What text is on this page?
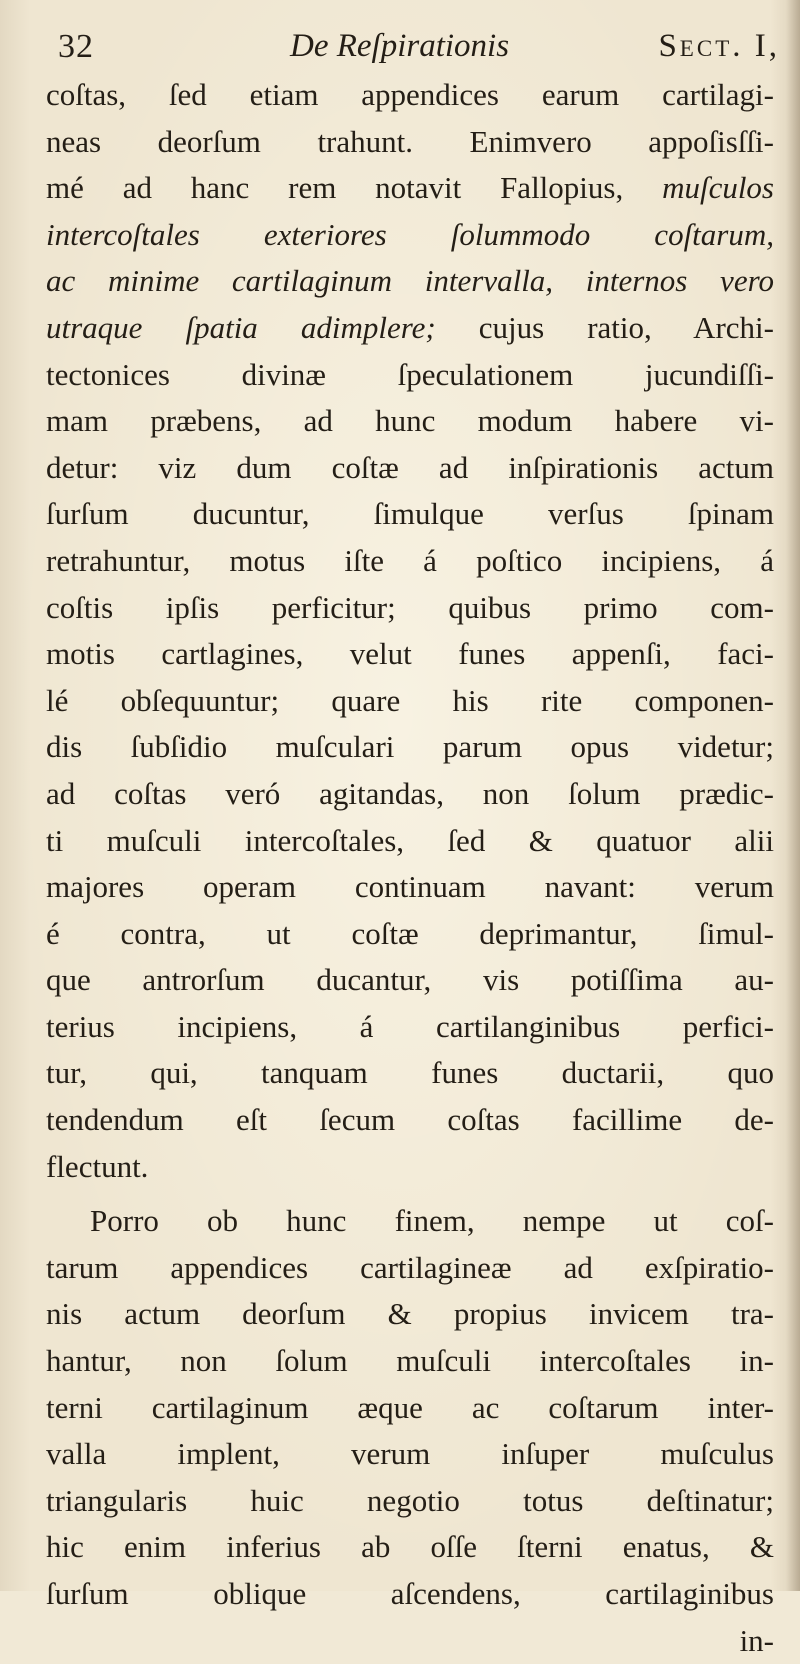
32	De Reſpirationis	Sect. I,
coſtas, ſed etiam appendices earum cartilagi-
neas deorſum trahunt. Enimvero appoſisſſi-
mé ad hanc rem notavit Fallopius, muſculos
intercoſtales exteriores ſolummodo coſtarum,
ac minime cartilaginum intervalla, internos vero
utraque ſpatia adimplere; cujus ratio, Archi-
tectonices divinæ ſpeculationem jucundiſſi-
mam præbens, ad hunc modum habere vi-
detur: viz dum coſtæ ad inſpirationis actum
ſurſum ducuntur, ſimulque verſus ſpinam
retrahuntur, motus iſte á poſtico incipiens, á
coſtis ipſis perficitur; quibus primo com-
motis cartlagines, velut funes appenſi, faci-
lé obſequuntur; quare his rite componen-
dis ſubſidio muſculari parum opus videtur;
ad coſtas veró agitandas, non ſolum prædic-
ti muſculi intercoſtales, ſed & quatuor alii
majores operam continuam navant: verum
é contra, ut coſtæ deprimantur, ſimul-
que antrorſum ducantur, vis potiſſima au-
terius incipiens, á cartilanginibus perfici-
tur, qui, tanquam funes ductarii, quo
tendendum eſt ſecum coſtas facillime de-
flectunt.
Porro ob hunc finem, nempe ut coſ-
tarum appendices cartilagineæ ad exſpiratio-
nis actum deorſum & propius invicem tra-
hantur, non ſolum muſculi intercoſtales in-
terni cartilaginum æque ac coſtarum inter-
valla implent, verum inſuper muſculus
triangularis huic negotio totus deſtinatur;
hic enim inferius ab oſſe ſterni enatus, &
ſurſum oblique aſcendens, cartilaginibus
in-
